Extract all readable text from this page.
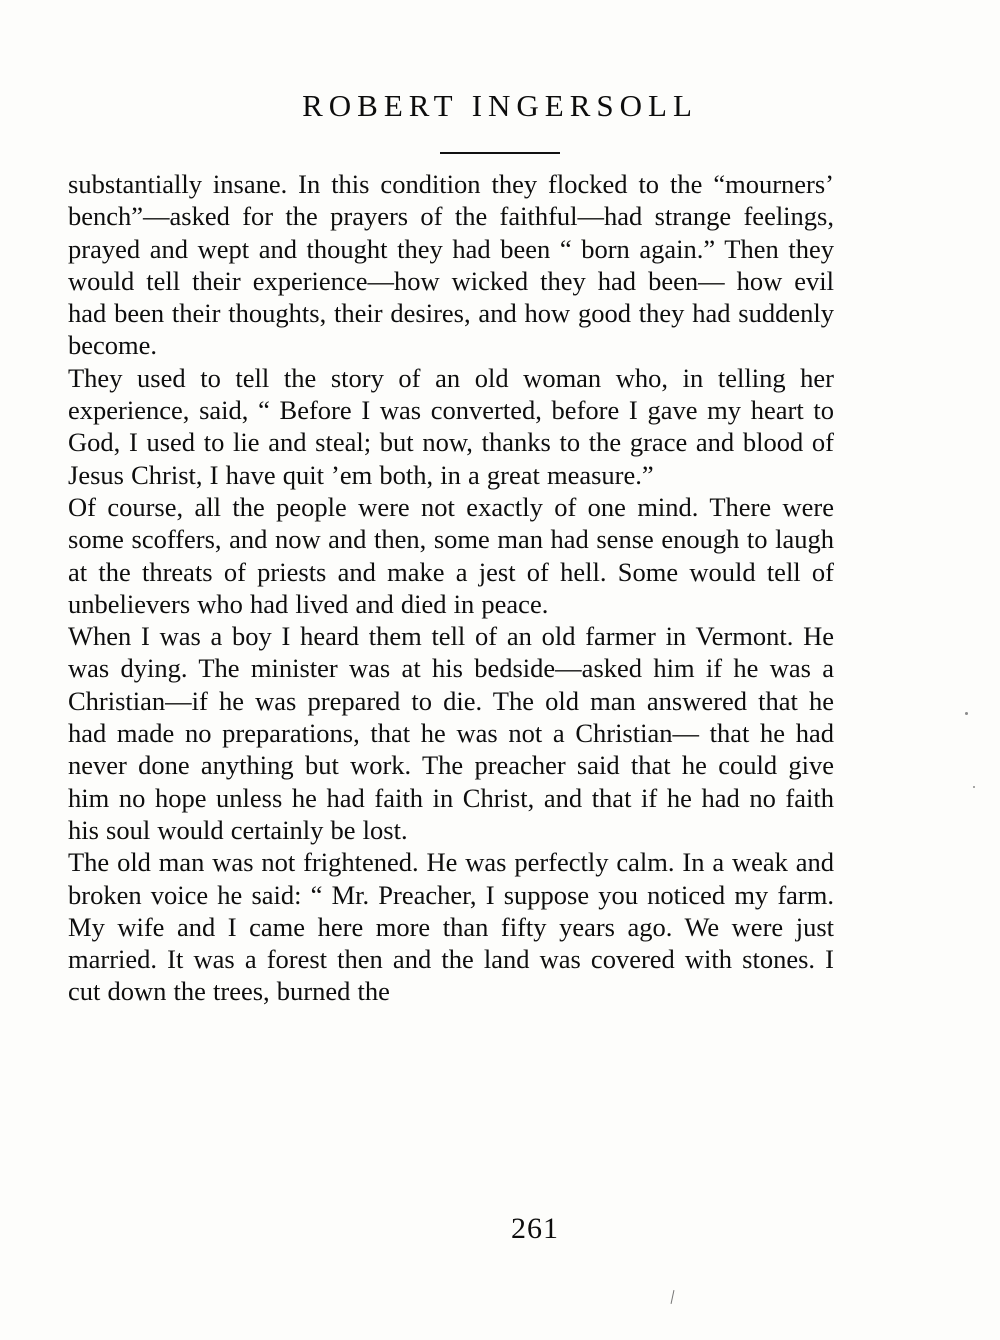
ROBERT INGERSOLL

substantially insane. In this condition they flocked to the “mourners’ bench”—asked for the prayers of the faithful—had strange feelings, prayed and wept and thought they had been “ born again.” Then they would tell their experience—how wicked they had been— how evil had been their thoughts, their desires, and how good they had suddenly become.

They used to tell the story of an old woman who, in telling her experience, said, “ Before I was converted, before I gave my heart to God, I used to lie and steal; but now, thanks to the grace and blood of Jesus Christ, I have quit ’em both, in a great measure.”

Of course, all the people were not exactly of one mind. There were some scoffers, and now and then, some man had sense enough to laugh at the threats of priests and make a jest of hell. Some would tell of unbelievers who had lived and died in peace.

When I was a boy I heard them tell of an old farmer in Vermont. He was dying. The minister was at his bedside—asked him if he was a Christian—if he was prepared to die. The old man answered that he had made no preparations, that he was not a Christian— that he had never done anything but work. The preacher said that he could give him no hope unless he had faith in Christ, and that if he had no faith his soul would certainly be lost.

The old man was not frightened. He was perfectly calm. In a weak and broken voice he said: “ Mr. Preacher, I suppose you noticed my farm. My wife and I came here more than fifty years ago. We were just married. It was a forest then and the land was covered with stones. I cut down the trees, burned the

261
